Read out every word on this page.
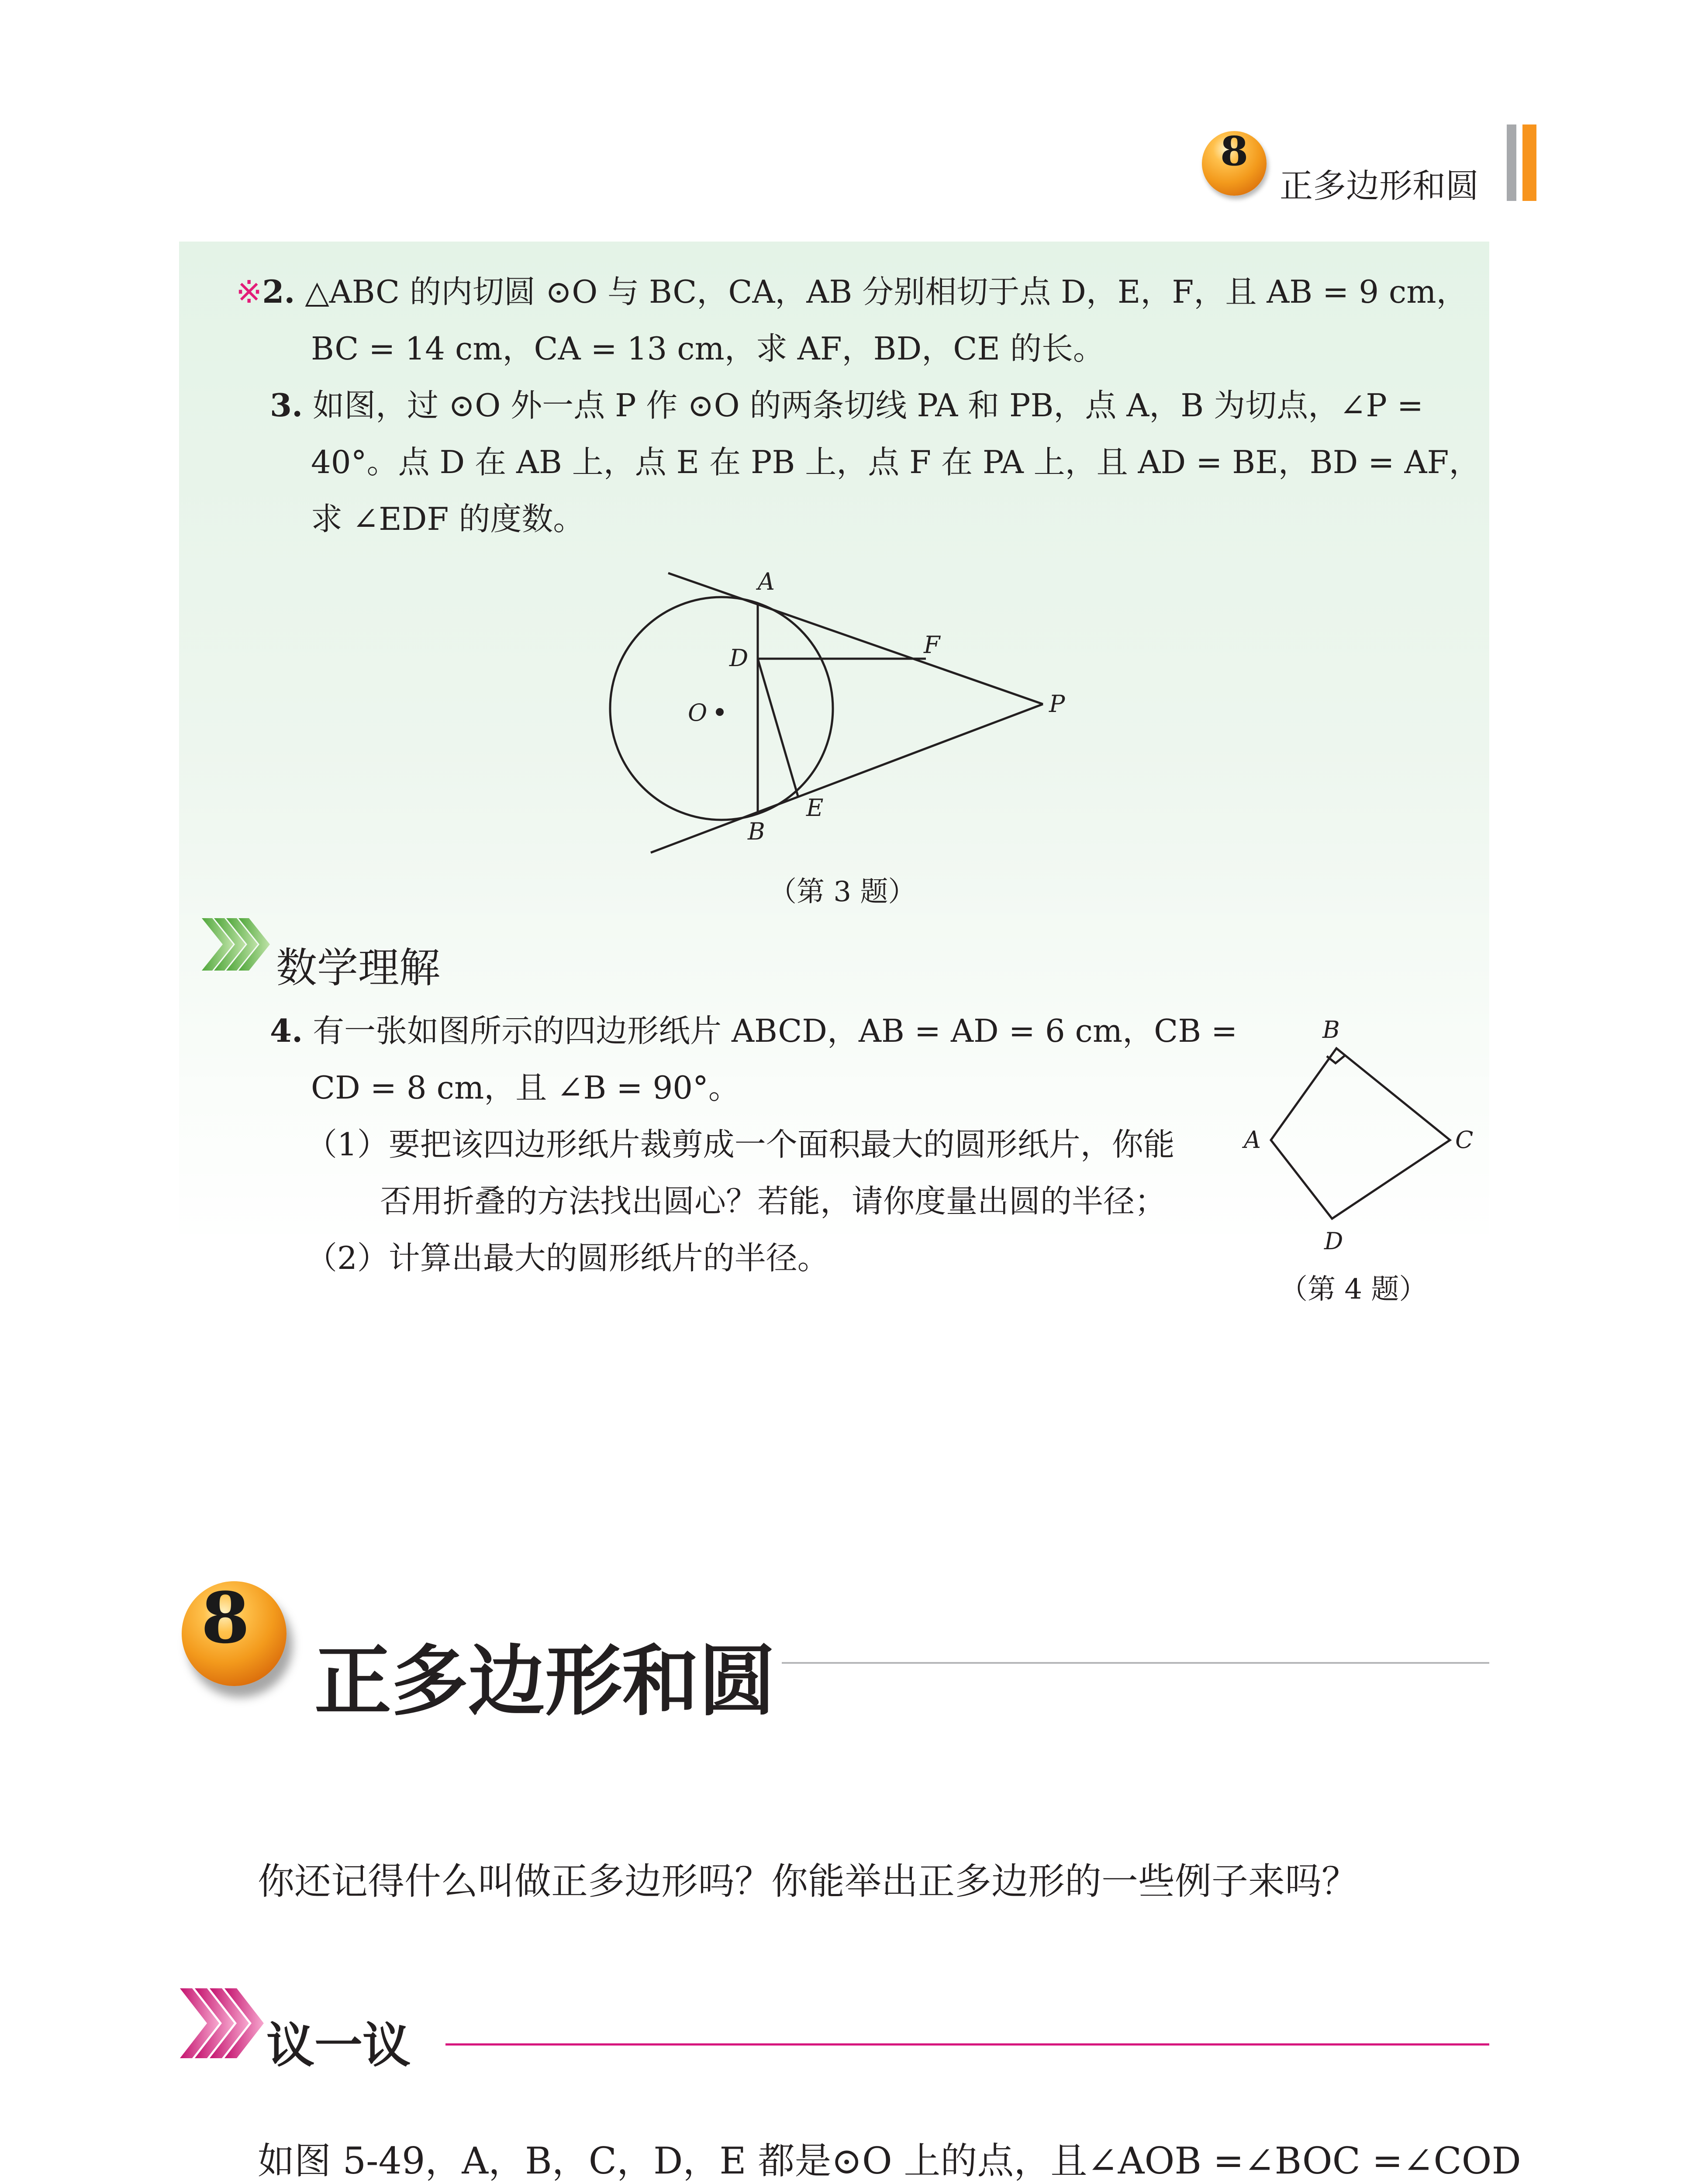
8
正多边形和圆
※2. △ABC 的内切圆 ⊙O 与 BC，CA，AB 分别相切于点 D，E，F，且 AB = 9 cm，
BC = 14 cm，CA = 13 cm，求 AF，BD，CE 的长。
3. 如图，过 ⊙O 外一点 P 作 ⊙O 的两条切线 PA 和 PB，点 A，B 为切点，∠P =
40°。点 D 在 AB 上，点 E 在 PB 上，点 F 在 PA 上，且 AD = BE，BD = AF，
求 ∠EDF 的度数。
A
D	F
O	P
E
B
（第 3 题）
数学理解
4. 有一张如图所示的四边形纸片 ABCD，AB = AD = 6 cm，CB =
CD = 8 cm，且 ∠B = 90°。
（1）要把该四边形纸片裁剪成一个面积最大的圆形纸片，你能
否用折叠的方法找出圆心？若能，请你度量出圆的半径；
（2）计算出最大的圆形纸片的半径。
B
C
A
D
（第 4 题）
8
正多边形和圆
你还记得什么叫做正多边形吗？你能举出正多边形的一些例子来吗？
议一议
如图 5-49，A，B，C，D，E 都是⊙O 上的点，且∠AOB =∠BOC =∠COD
